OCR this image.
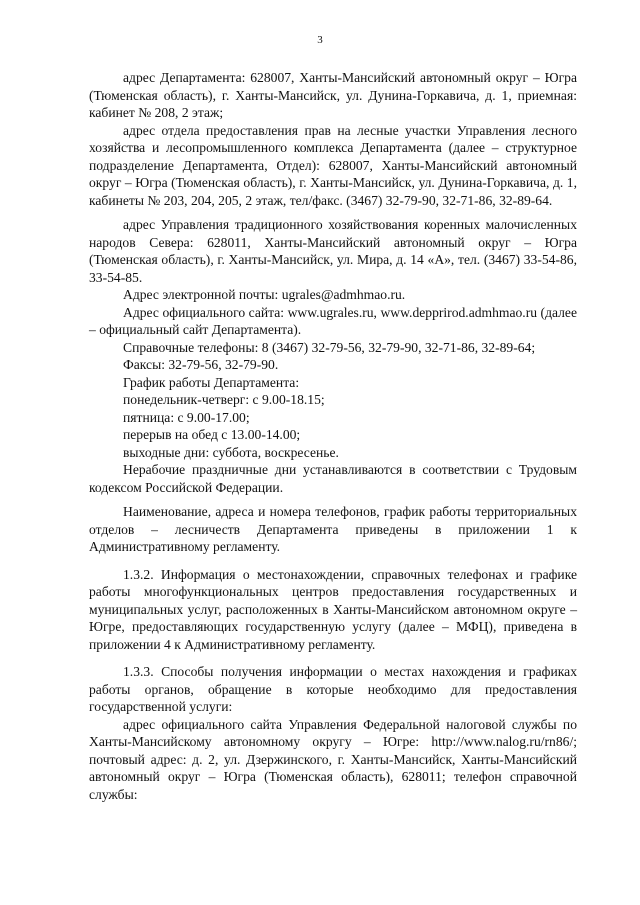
3

адрес Департамента: 628007, Ханты-Мансийский автономный округ – Югра (Тюменская область), г. Ханты-Мансийск, ул. Дунина-Горкавича, д. 1, приемная: кабинет № 208, 2 этаж;

адрес отдела предоставления прав на лесные участки Управления лесного хозяйства и лесопромышленного комплекса Департамента (далее – структурное подразделение Департамента, Отдел): 628007, Ханты-Мансийский автономный округ – Югра (Тюменская область), г. Ханты-Мансийск, ул. Дунина-Горкавича, д. 1, кабинеты № 203, 204, 205, 2 этаж, тел/факс. (3467) 32-79-90, 32-71-86, 32-89-64.

адрес Управления традиционного хозяйствования коренных малочисленных народов Севера: 628011, Ханты-Мансийский автономный округ – Югра (Тюменская область), г. Ханты-Мансийск, ул. Мира, д. 14 «А», тел. (3467) 33-54-86, 33-54-85.

Адрес электронной почты: ugrales@admhmao.ru.

Адрес официального сайта: www.ugrales.ru, www.depprirod.admhmao.ru (далее – официальный сайт Департамента).

Справочные телефоны: 8 (3467) 32-79-56, 32-79-90, 32-71-86, 32-89-64;

Факсы: 32-79-56, 32-79-90.

График работы Департамента:

понедельник-четверг: с 9.00-18.15;

пятница: с 9.00-17.00;

перерыв на обед с 13.00-14.00;

выходные дни: суббота, воскресенье.

Нерабочие праздничные дни устанавливаются в соответствии с Трудовым кодексом Российской Федерации.

Наименование, адреса и номера телефонов, график работы территориальных отделов – лесничеств Департамента приведены в приложении 1 к Административному регламенту.

1.3.2. Информация о местонахождении, справочных телефонах и графике работы многофункциональных центров предоставления государственных и муниципальных услуг, расположенных в Ханты-Мансийском автономном округе – Югре, предоставляющих государственную услугу (далее – МФЦ), приведена в приложении 4 к Административному регламенту.

1.3.3. Способы получения информации о местах нахождения и графиках работы органов, обращение в которые необходимо для предоставления государственной услуги:

адрес официального сайта Управления Федеральной налоговой службы по Ханты-Мансийскому автономному округу – Югре: http://www.nalog.ru/rn86/; почтовый адрес: д. 2, ул. Дзержинского, г. Ханты-Мансийск, Ханты-Мансийский автономный округ – Югра (Тюменская область), 628011; телефон справочной службы:
